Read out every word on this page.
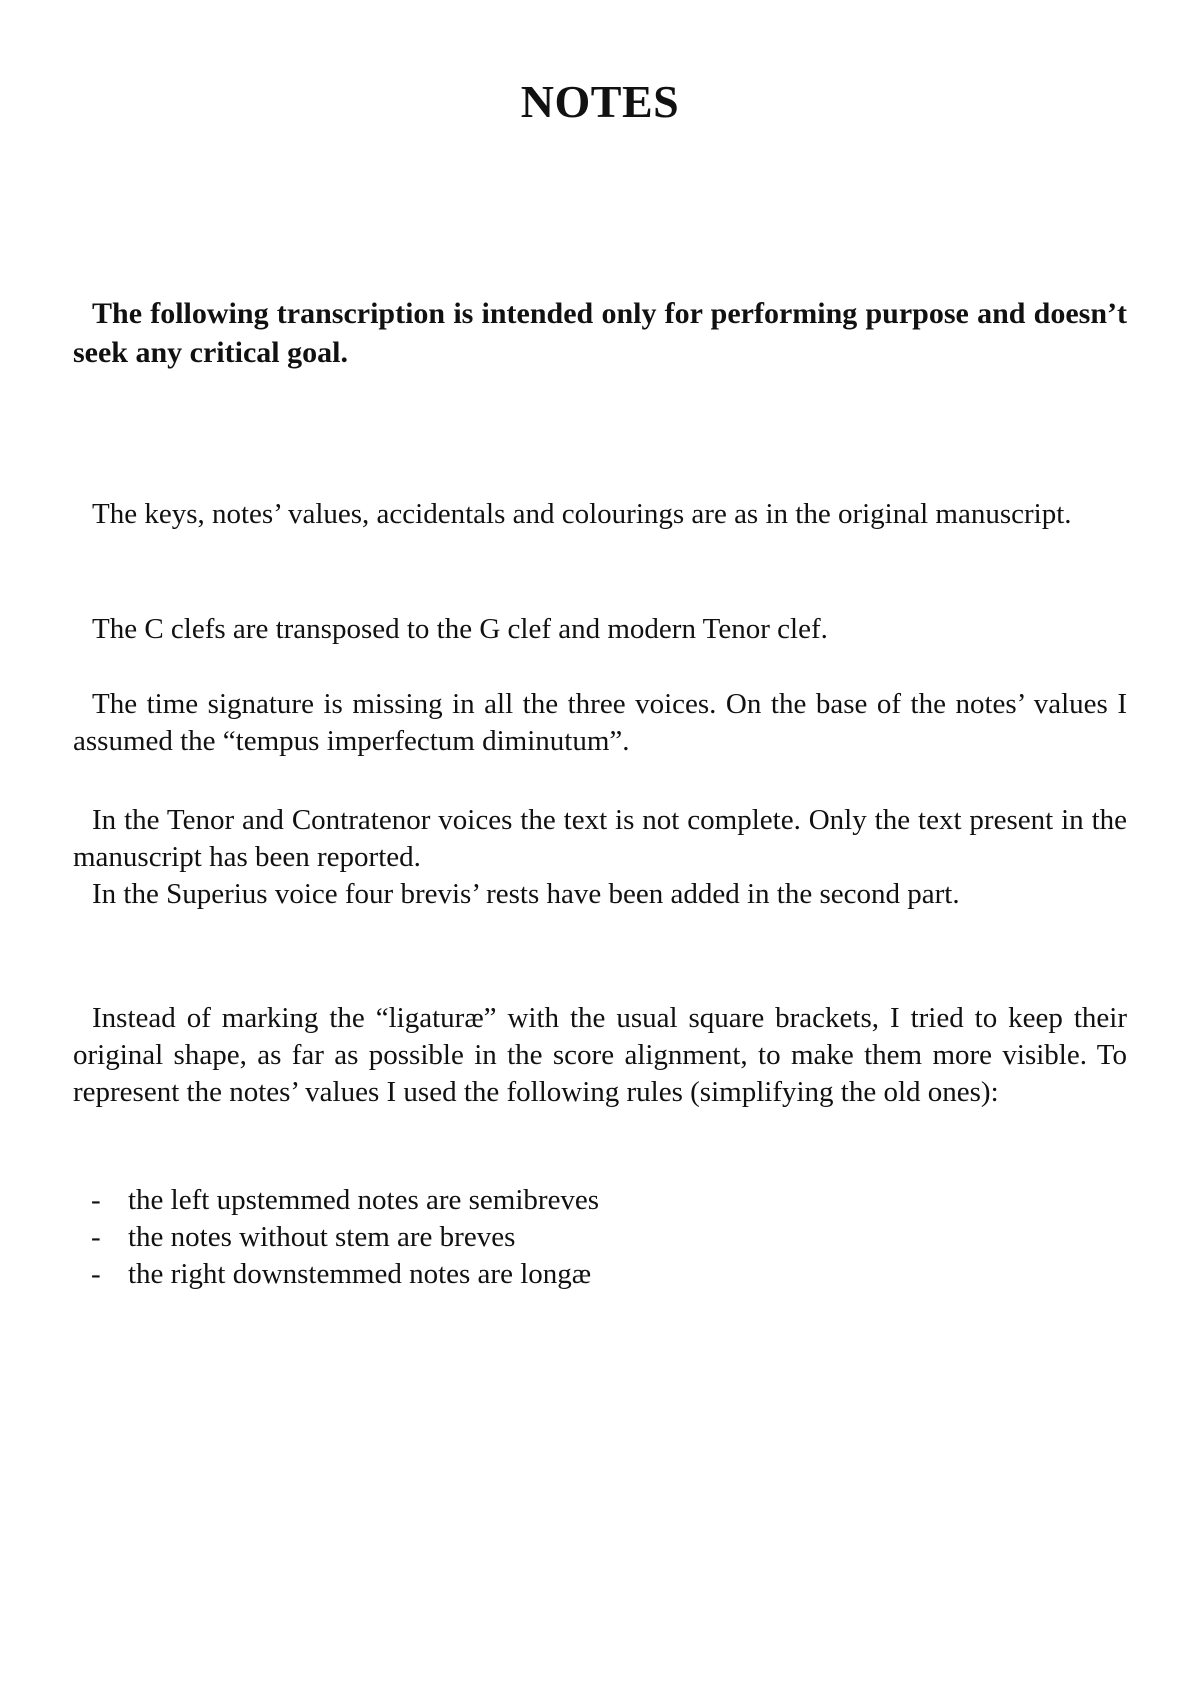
NOTES

The following transcription is intended only for performing purpose and doesn’t seek any critical goal.

The keys, notes’ values, accidentals and colourings are as in the original manuscript.

The C clefs are transposed to the G clef and modern Tenor clef.

The time signature is missing in all the three voices. On the base of the notes’ values I assumed the “tempus imperfectum diminutum”.

In the Tenor and Contratenor voices the text is not complete. Only the text present in the manuscript has been reported.

In the Superius voice four brevis’ rests have been added in the second part.

Instead of marking the “ligaturæ” with the usual square brackets, I tried to keep their original shape, as far as possible in the score alignment, to make them more visible. To represent the notes’ values I used the following rules (simplifying the old ones):

- the left upstemmed notes are semibreves
- the notes without stem are breves
- the right downstemmed notes are longæ
